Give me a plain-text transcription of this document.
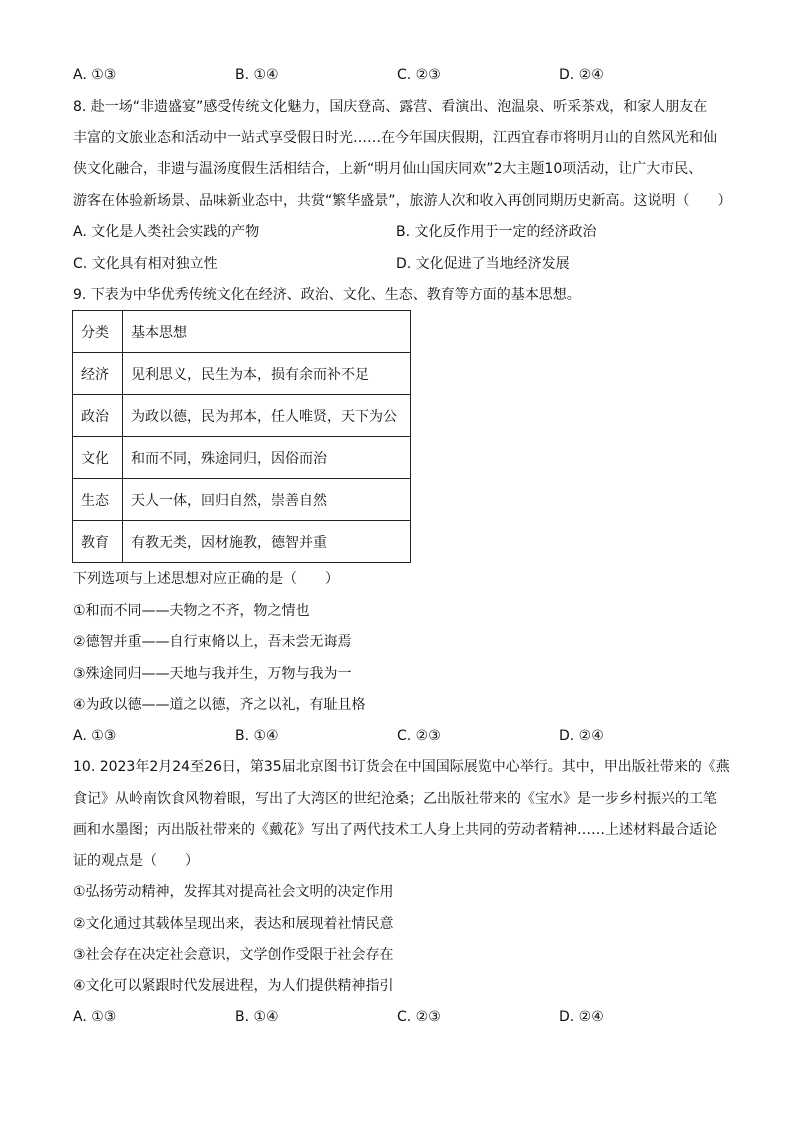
A. ①③	B. ①④	C. ②③	D. ②④
8. 赴一场“非遗盛宴”感受传统文化魅力，国庆登高、露营、看演出、泡温泉、听采茶戏，和家人朋友在
丰富的文旅业态和活动中一站式享受假日时光……在今年国庆假期，江西宜春市将明月山的自然风光和仙
侠文化融合，非遗与温汤度假生活相结合，上新“明月仙山国庆同欢”2大主题10项活动，让广大市民、
游客在体验新场景、品味新业态中，共赏“繁华盛景”，旅游人次和收入再创同期历史新高。这说明（　　）
A. 文化是人类社会实践的产物	B. 文化反作用于一定的经济政治
C. 文化具有相对独立性	D. 文化促进了当地经济发展
9. 下表为中华优秀传统文化在经济、政治、文化、生态、教育等方面的基本思想。
分类	基本思想
经济	见利思义，民生为本，损有余而补不足
政治	为政以德，民为邦本，任人唯贤，天下为公
文化	和而不同，殊途同归，因俗而治
生态	天人一体，回归自然，崇善自然
教育	有教无类，因材施教，德智并重
下列选项与上述思想对应正确的是（　　）
①和而不同——夫物之不齐，物之情也
②德智并重——自行束脩以上，吾未尝无诲焉
③殊途同归——天地与我并生，万物与我为一
④为政以德——道之以德，齐之以礼，有耻且格
A. ①③	B. ①④	C. ②③	D. ②④
10. 2023年2月24至26日，第35届北京图书订货会在中国国际展览中心举行。其中，甲出版社带来的《燕
食记》从岭南饮食风物着眼，写出了大湾区的世纪沧桑；乙出版社带来的《宝水》是一步乡村振兴的工笔
画和水墨图；丙出版社带来的《戴花》写出了两代技术工人身上共同的劳动者精神……上述材料最合适论
证的观点是（　　）
①弘扬劳动精神，发挥其对提高社会文明的决定作用
②文化通过其载体呈现出来，表达和展现着社情民意
③社会存在决定社会意识，文学创作受限于社会存在
④文化可以紧跟时代发展进程，为人们提供精神指引
A. ①③	B. ①④	C. ②③	D. ②④
